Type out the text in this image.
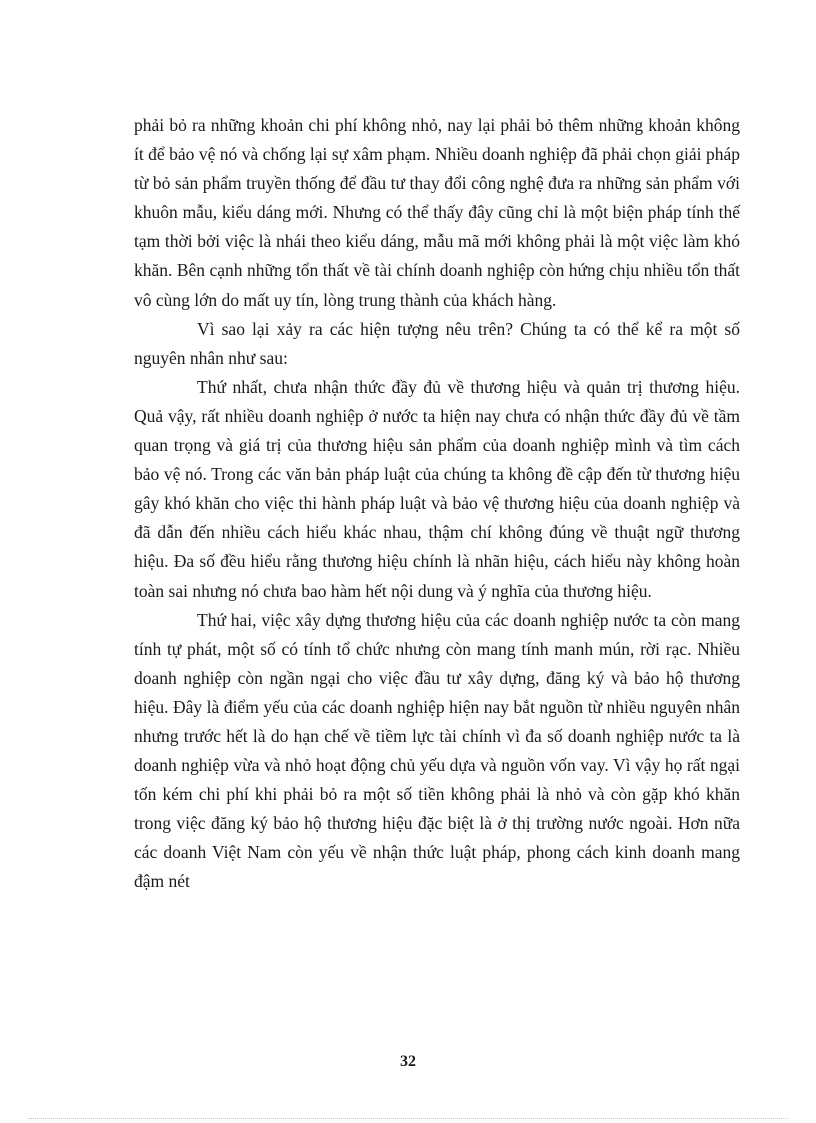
phải bỏ ra những khoản chi phí không nhỏ, nay lại phải bỏ thêm những khoản không ít để bảo vệ nó và chống lại sự xâm phạm. Nhiều doanh nghiệp đã phải chọn giải pháp từ bỏ sản phẩm truyền thống để đầu tư thay đổi công nghệ đưa ra những sản phẩm với khuôn mẫu, kiểu dáng mới. Nhưng có thể thấy đây cũng chỉ là một biện pháp tính thế tạm thời bởi việc là nhái theo kiểu dáng, mẫu mã mới không phải là một việc làm khó khăn. Bên cạnh những tổn thất về tài chính doanh nghiệp còn hứng chịu nhiều tổn thất vô cùng lớn do mất uy tín, lòng trung thành của khách hàng.

Vì sao lại xảy ra các hiện tượng nêu trên? Chúng ta có thể kể ra một số nguyên nhân như sau:

Thứ nhất, chưa nhận thức đầy đủ về thương hiệu và quản trị thương hiệu. Quả vậy, rất nhiều doanh nghiệp ở nước ta hiện nay chưa có nhận thức đầy đủ về tầm quan trọng và giá trị của thương hiệu sản phẩm của doanh nghiệp mình và tìm cách bảo vệ nó. Trong các văn bản pháp luật của chúng ta không đề cập đến từ thương hiệu gây khó khăn cho việc thi hành pháp luật và bảo vệ thương hiệu của doanh nghiệp và đã dẫn đến nhiều cách hiểu khác nhau, thậm chí không đúng về thuật ngữ thương hiệu. Đa số đều hiểu rằng thương hiệu chính là nhãn hiệu, cách hiểu này không hoàn toàn sai nhưng nó chưa bao hàm hết nội dung và ý nghĩa của thương hiệu.

Thứ hai, việc xây dựng thương hiệu của các doanh nghiệp nước ta còn mang tính tự phát, một số có tính tổ chức nhưng còn mang tính manh mún, rời rạc. Nhiều doanh nghiệp còn ngần ngại cho việc đầu tư xây dựng, đăng ký và bảo hộ thương hiệu. Đây là điểm yếu của các doanh nghiệp hiện nay bắt nguồn từ nhiều nguyên nhân nhưng trước hết là do hạn chế về tiềm lực tài chính vì đa số doanh nghiệp nước ta là doanh nghiệp vừa và nhỏ hoạt động chủ yếu dựa và nguồn vốn vay. Vì vậy họ rất ngại tốn kém chi phí khi phải bỏ ra một số tiền không phải là nhỏ và còn gặp khó khăn trong việc đăng ký bảo hộ thương hiệu đặc biệt là ở thị trường nước ngoài. Hơn nữa các doanh Việt Nam còn yếu về nhận thức luật pháp, phong cách kinh doanh mang đậm nét

32
